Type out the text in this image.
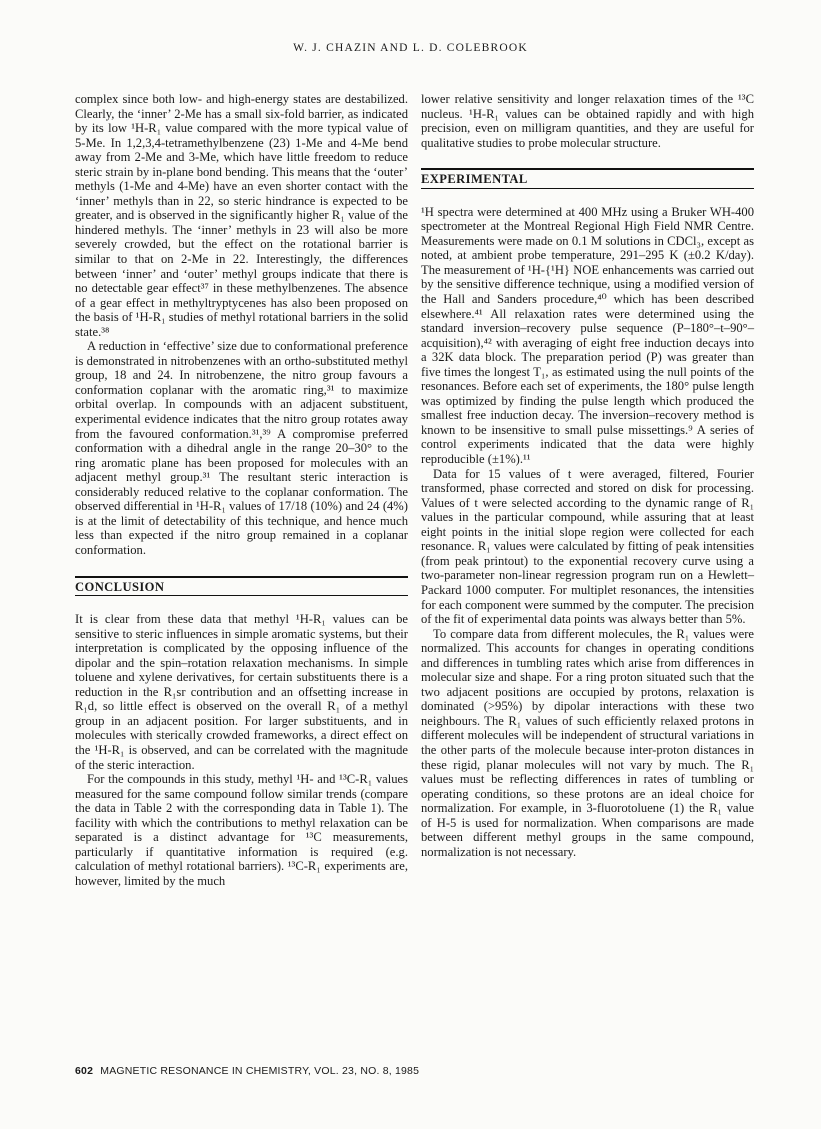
W. J. CHAZIN AND L. D. COLEBROOK

complex since both low- and high-energy states are destabilized. Clearly, the ‘inner’ 2-Me has a small six-fold barrier, as indicated by its low ¹H-R₁ value compared with the more typical value of 5-Me. In 1,2,3,4-tetramethylbenzene (23) 1-Me and 4-Me bend away from 2-Me and 3-Me, which have little freedom to reduce steric strain by in-plane bond bending. This means that the ‘outer’ methyls (1-Me and 4-Me) have an even shorter contact with the ‘inner’ methyls than in 22, so steric hindrance is expected to be greater, and is observed in the significantly higher R₁ value of the hindered methyls. The ‘inner’ methyls in 23 will also be more severely crowded, but the effect on the rotational barrier is similar to that on 2-Me in 22. Interestingly, the differences between ‘inner’ and ‘outer’ methyl groups indicate that there is no detectable gear effect³⁷ in these methylbenzenes. The absence of a gear effect in methyltryptycenes has also been proposed on the basis of ¹H-R₁ studies of methyl rotational barriers in the solid state.³⁸

A reduction in ‘effective’ size due to conformational preference is demonstrated in nitrobenzenes with an ortho-substituted methyl group, 18 and 24. In nitrobenzene, the nitro group favours a conformation coplanar with the aromatic ring,³¹ to maximize orbital overlap. In compounds with an adjacent substituent, experimental evidence indicates that the nitro group rotates away from the favoured conformation.³¹,³⁹ A compromise preferred conformation with a dihedral angle in the range 20–30° to the ring aromatic plane has been proposed for molecules with an adjacent methyl group.³¹ The resultant steric interaction is considerably reduced relative to the coplanar conformation. The observed differential in ¹H-R₁ values of 17/18 (10%) and 24 (4%) is at the limit of detectability of this technique, and hence much less than expected if the nitro group remained in a coplanar conformation.

CONCLUSION

It is clear from these data that methyl ¹H-R₁ values can be sensitive to steric influences in simple aromatic systems, but their interpretation is complicated by the opposing influence of the dipolar and the spin–rotation relaxation mechanisms. In simple toluene and xylene derivatives, for certain substituents there is a reduction in the R₁sr contribution and an offsetting increase in R₁d, so little effect is observed on the overall R₁ of a methyl group in an adjacent position. For larger substituents, and in molecules with sterically crowded frameworks, a direct effect on the ¹H-R₁ is observed, and can be correlated with the magnitude of the steric interaction.

For the compounds in this study, methyl ¹H- and ¹³C-R₁ values measured for the same compound follow similar trends (compare the data in Table 2 with the corresponding data in Table 1). The facility with which the contributions to methyl relaxation can be separated is a distinct advantage for ¹³C measurements, particularly if quantitative information is required (e.g. calculation of methyl rotational barriers). ¹³C-R₁ experiments are, however, limited by the much

lower relative sensitivity and longer relaxation times of the ¹³C nucleus. ¹H-R₁ values can be obtained rapidly and with high precision, even on milligram quantities, and they are useful for qualitative studies to probe molecular structure.

EXPERIMENTAL

¹H spectra were determined at 400 MHz using a Bruker WH-400 spectrometer at the Montreal Regional High Field NMR Centre. Measurements were made on 0.1 M solutions in CDCl₃, except as noted, at ambient probe temperature, 291–295 K (±0.2 K/day). The measurement of ¹H-{¹H} NOE enhancements was carried out by the sensitive difference technique, using a modified version of the Hall and Sanders procedure,⁴⁰ which has been described elsewhere.⁴¹ All relaxation rates were determined using the standard inversion–recovery pulse sequence (P–180°–t–90°–acquisition),⁴² with averaging of eight free induction decays into a 32K data block. The preparation period (P) was greater than five times the longest T₁, as estimated using the null points of the resonances. Before each set of experiments, the 180° pulse length was optimized by finding the pulse length which produced the smallest free induction decay. The inversion–recovery method is known to be insensitive to small pulse missettings.⁹ A series of control experiments indicated that the data were highly reproducible (±1%).¹¹

Data for 15 values of t were averaged, filtered, Fourier transformed, phase corrected and stored on disk for processing. Values of t were selected according to the dynamic range of R₁ values in the particular compound, while assuring that at least eight points in the initial slope region were collected for each resonance. R₁ values were calculated by fitting of peak intensities (from peak printout) to the exponential recovery curve using a two-parameter non-linear regression program run on a Hewlett–Packard 1000 computer. For multiplet resonances, the intensities for each component were summed by the computer. The precision of the fit of experimental data points was always better than 5%.

To compare data from different molecules, the R₁ values were normalized. This accounts for changes in operating conditions and differences in tumbling rates which arise from differences in molecular size and shape. For a ring proton situated such that the two adjacent positions are occupied by protons, relaxation is dominated (>95%) by dipolar interactions with these two neighbours. The R₁ values of such efficiently relaxed protons in different molecules will be independent of structural variations in the other parts of the molecule because inter-proton distances in these rigid, planar molecules will not vary by much. The R₁ values must be reflecting differences in rates of tumbling or operating conditions, so these protons are an ideal choice for normalization. For example, in 3-fluorotoluene (1) the R₁ value of H-5 is used for normalization. When comparisons are made between different methyl groups in the same compound, normalization is not necessary.

602 MAGNETIC RESONANCE IN CHEMISTRY, VOL. 23, NO. 8, 1985
